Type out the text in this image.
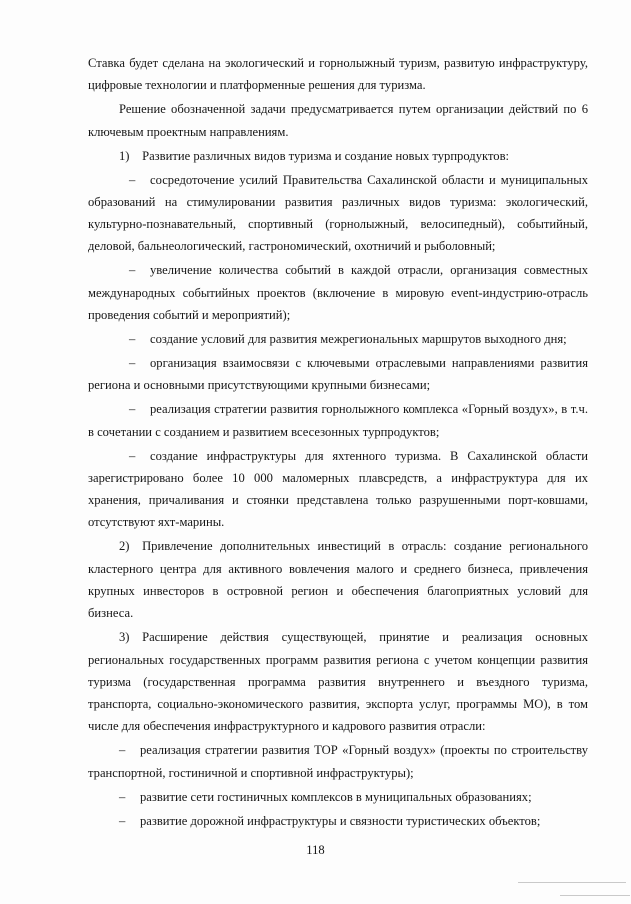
Ставка будет сделана на экологический и горнолыжный туризм, развитую инфраструктуру, цифровые технологии и платформенные решения для туризма.

Решение обозначенной задачи предусматривается путем организации действий по 6 ключевым проектным направлениям.

1) Развитие различных видов туризма и создание новых турпродуктов:

– сосредоточение усилий Правительства Сахалинской области и муниципальных образований на стимулировании развития различных видов туризма: экологический, культурно-познавательный, спортивный (горнолыжный, велосипедный), событийный, деловой, бальнеологический, гастрономический, охотничий и рыболовный;

– увеличение количества событий в каждой отрасли, организация совместных международных событийных проектов (включение в мировую event-индустрию-отрасль проведения событий и мероприятий);

– создание условий для развития межрегиональных маршрутов выходного дня;

– организация взаимосвязи с ключевыми отраслевыми направлениями развития региона и основными присутствующими крупными бизнесами;

– реализация стратегии развития горнолыжного комплекса «Горный воздух», в т.ч. в сочетании с созданием и развитием всесезонных турпродуктов;

– создание инфраструктуры для яхтенного туризма. В Сахалинской области зарегистрировано более 10 000 маломерных плавсредств, а инфраструктура для их хранения, причаливания и стоянки представлена только разрушенными порт-ковшами, отсутствуют яхт-марины.

2) Привлечение дополнительных инвестиций в отрасль: создание регионального кластерного центра для активного вовлечения малого и среднего бизнеса, привлечения крупных инвесторов в островной регион и обеспечения благоприятных условий для бизнеса.

3) Расширение действия существующей, принятие и реализация основных региональных государственных программ развития региона с учетом концепции развития туризма (государственная программа развития внутреннего и въездного туризма, транспорта, социально-экономического развития, экспорта услуг, программы МО), в том числе для обеспечения инфраструктурного и кадрового развития отрасли:

– реализация стратегии развития ТОР «Горный воздух» (проекты по строительству транспортной, гостиничной и спортивной инфраструктуры);

– развитие сети гостиничных комплексов в муниципальных образованиях;

– развитие дорожной инфраструктуры и связности туристических объектов;

118
